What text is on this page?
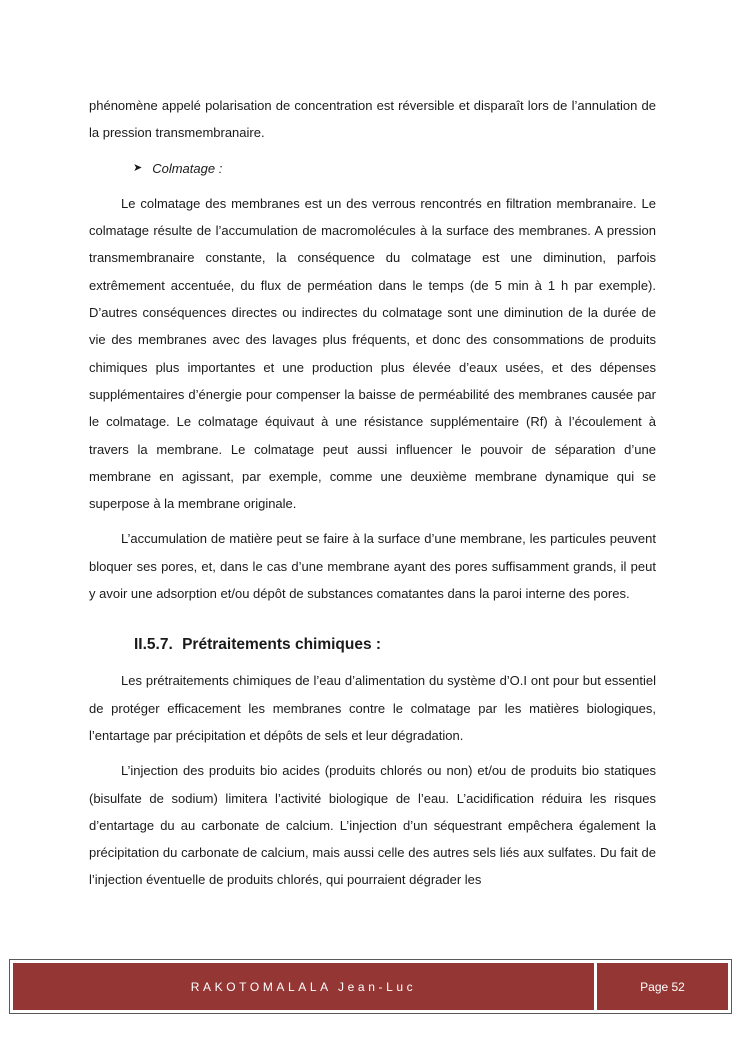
phénomène appelé polarisation de concentration est réversible et disparaît lors de l’annulation de la pression transmembranaire.

➤ Colmatage :

Le colmatage des membranes est un des verrous rencontrés en filtration membranaire. Le colmatage résulte de l’accumulation de macromolécules à la surface des membranes. A pression transmembranaire constante, la conséquence du colmatage est une diminution, parfois extrêmement accentuée, du flux de perméation dans le temps (de 5 min à 1 h par exemple). D’autres conséquences directes ou indirectes du colmatage sont une diminution de la durée de vie des membranes avec des lavages plus fréquents, et donc des consommations de produits chimiques plus importantes et une production plus élevée d’eaux usées, et des dépenses supplémentaires d’énergie pour compenser la baisse de perméabilité des membranes causée par le colmatage. Le colmatage équivaut à une résistance supplémentaire (Rf) à l’écoulement à travers la membrane. Le colmatage peut aussi influencer le pouvoir de séparation d’une membrane en agissant, par exemple, comme une deuxième membrane dynamique qui se superpose à la membrane originale.

L’accumulation de matière peut se faire à la surface d’une membrane, les particules peuvent bloquer ses pores, et, dans le cas d’une membrane ayant des pores suffisamment grands, il peut y avoir une adsorption et/ou dépôt de substances comatantes dans la paroi interne des pores.

II.5.7. Prétraitements chimiques :

Les prétraitements chimiques de l’eau d’alimentation du système d’O.I ont pour but essentiel de protéger efficacement les membranes contre le colmatage par les matières biologiques, l’entartage par précipitation et dépôts de sels et leur dégradation.

L’injection des produits bio acides (produits chlorés ou non) et/ou de produits bio statiques (bisulfate de sodium) limitera l’activité biologique de l’eau. L’acidification réduira les risques d’entartage du au carbonate de calcium. L’injection d’un séquestrant empêchera également la précipitation du carbonate de calcium, mais aussi celle des autres sels liés aux sulfates. Du fait de l’injection éventuelle de produits chlorés, qui pourraient dégrader les

RAKOTOMALALA Jean-Luc	Page 52
